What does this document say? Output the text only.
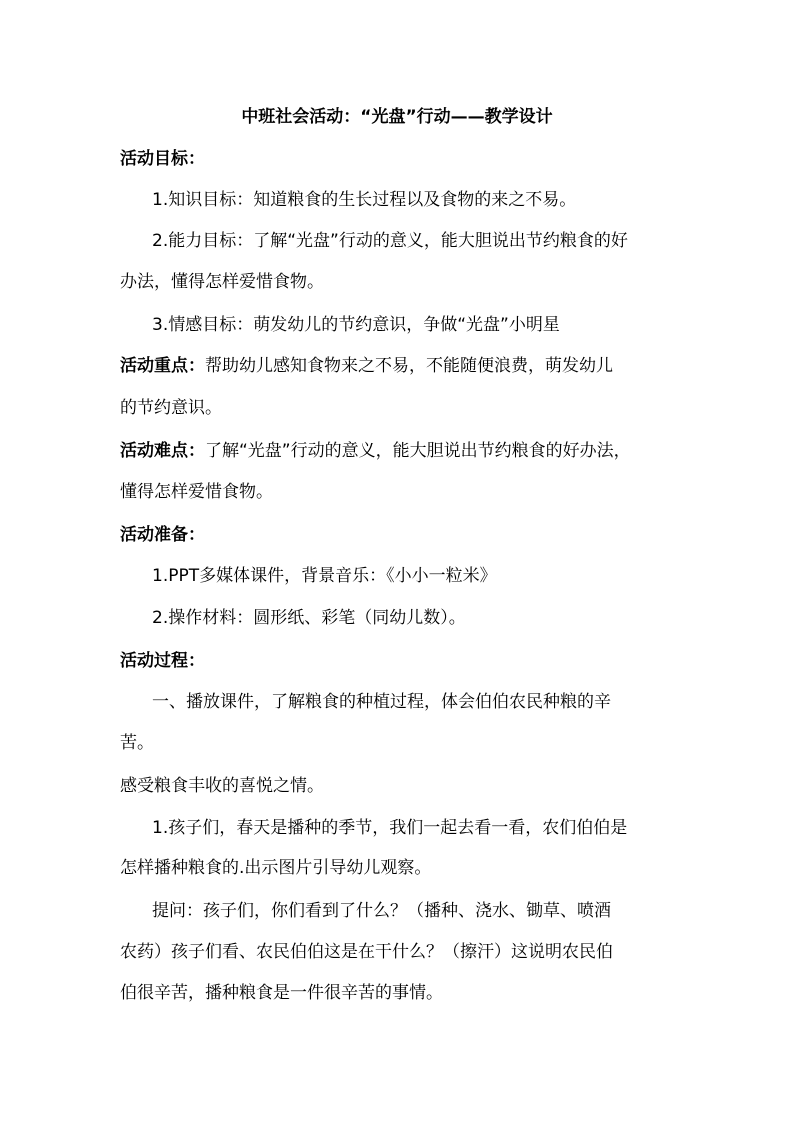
中班社会活动：“光盘”行动——教学设计
活动目标：
1.知识目标：知道粮食的生长过程以及食物的来之不易。
2.能力目标：了解“光盘”行动的意义，能大胆说出节约粮食的好
办法，懂得怎样爱惜食物。
3.情感目标：萌发幼儿的节约意识，争做“光盘”小明星
活动重点：帮助幼儿感知食物来之不易，不能随便浪费，萌发幼儿
的节约意识。
活动难点：了解“光盘”行动的意义，能大胆说出节约粮食的好办法，
懂得怎样爱惜食物。
活动准备：
1.PPT多媒体课件，背景音乐：《小小一粒米》
2.操作材料：圆形纸、彩笔（同幼儿数）。
活动过程：
一、播放课件，了解粮食的种植过程，体会伯伯农民种粮的辛
苦。
感受粮食丰收的喜悦之情。
1.孩子们，春天是播种的季节，我们一起去看一看，农们伯伯是
怎样播种粮食的.出示图片引导幼儿观察。
提问：孩子们，你们看到了什么？（播种、浇水、锄草、喷酒
农药）孩子们看、农民伯伯这是在干什么？（擦汗）这说明农民伯
伯很辛苦，播种粮食是一件很辛苦的事情。
